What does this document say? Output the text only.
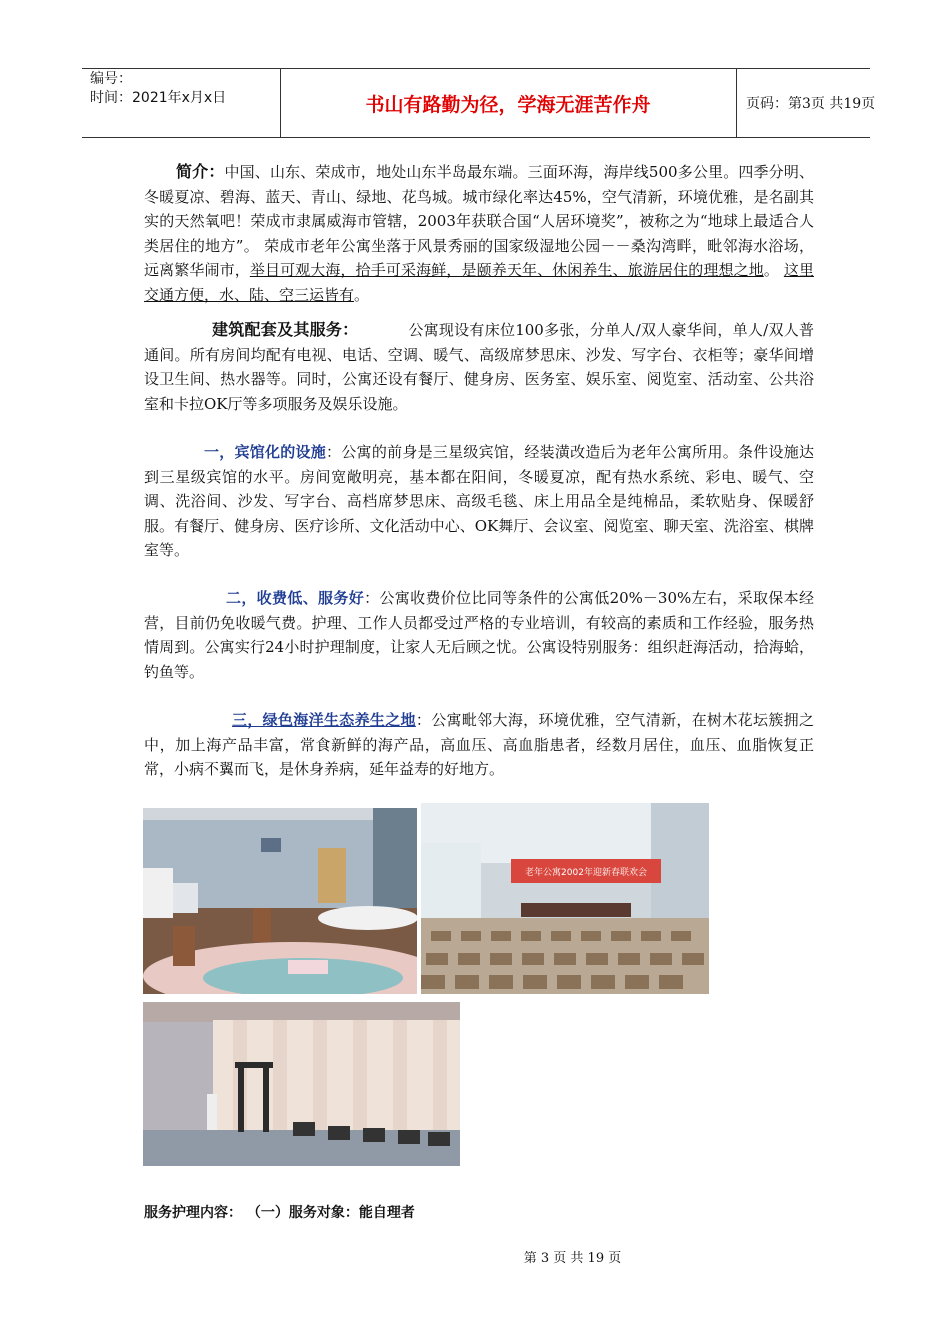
编号：
时间：2021年x月x日	书山有路勤为径，学海无涯苦作舟	页码：第3页 共19页

简介：中国、山东、荣成市，地处山东半岛最东端。三面环海，海岸线500多公里。四季分明、冬暖夏凉、碧海、蓝天、青山、绿地、花鸟城。城市绿化率达45%，空气清新，环境优雅，是名副其实的天然氧吧！荣成市隶属威海市管辖，2003年获联合国“人居环境奖”，被称之为“地球上最适合人类居住的地方”。 荣成市老年公寓坐落于风景秀丽的国家级湿地公园－－桑沟湾畔，毗邻海水浴场，远离繁华闹市，举目可观大海，拾手可采海鲜，是颐养天年、休闲养生、旅游居住的理想之地。 这里交通方便，水、陆、空三运皆有。

建筑配套及其服务：	公寓现设有床位100多张，分单人/双人豪华间，单人/双人普通间。所有房间均配有电视、电话、空调、暖气、高级席梦思床、沙发、写字台、衣柜等；豪华间增设卫生间、热水器等。同时，公寓还设有餐厅、健身房、医务室、娱乐室、阅览室、活动室、公共浴室和卡拉OK厅等多项服务及娱乐设施。

一，宾馆化的设施：公寓的前身是三星级宾馆，经装潢改造后为老年公寓所用。条件设施达到三星级宾馆的水平。房间宽敞明亮，基本都在阳间，冬暖夏凉，配有热水系统、彩电、暖气、空调、洗浴间、沙发、写字台、高档席梦思床、高级毛毯、床上用品全是纯棉品，柔软贴身、保暖舒服。有餐厅、健身房、医疗诊所、文化活动中心、OK舞厅、会议室、阅览室、聊天室、洗浴室、棋牌室等。

二，收费低、服务好：公寓收费价位比同等条件的公寓低20%－30%左右，采取保本经营，目前仍免收暖气费。护理、工作人员都受过严格的专业培训，有较高的素质和工作经验，服务热情周到。公寓实行24小时护理制度，让家人无后顾之忧。公寓设特别服务：组织赶海活动，拾海蛤，钓鱼等。

三，绿色海洋生态养生之地：公寓毗邻大海，环境优雅，空气清新，在树木花坛簇拥之中，加上海产品丰富，常食新鲜的海产品，高血压、高血脂患者，经数月居住，血压、血脂恢复正常，小病不翼而飞，是休身养病，延年益寿的好地方。

老年公寓2002年迎新春联欢会
服务护理内容： （一）服务对象：能自理者
第 3 页 共 19 页
